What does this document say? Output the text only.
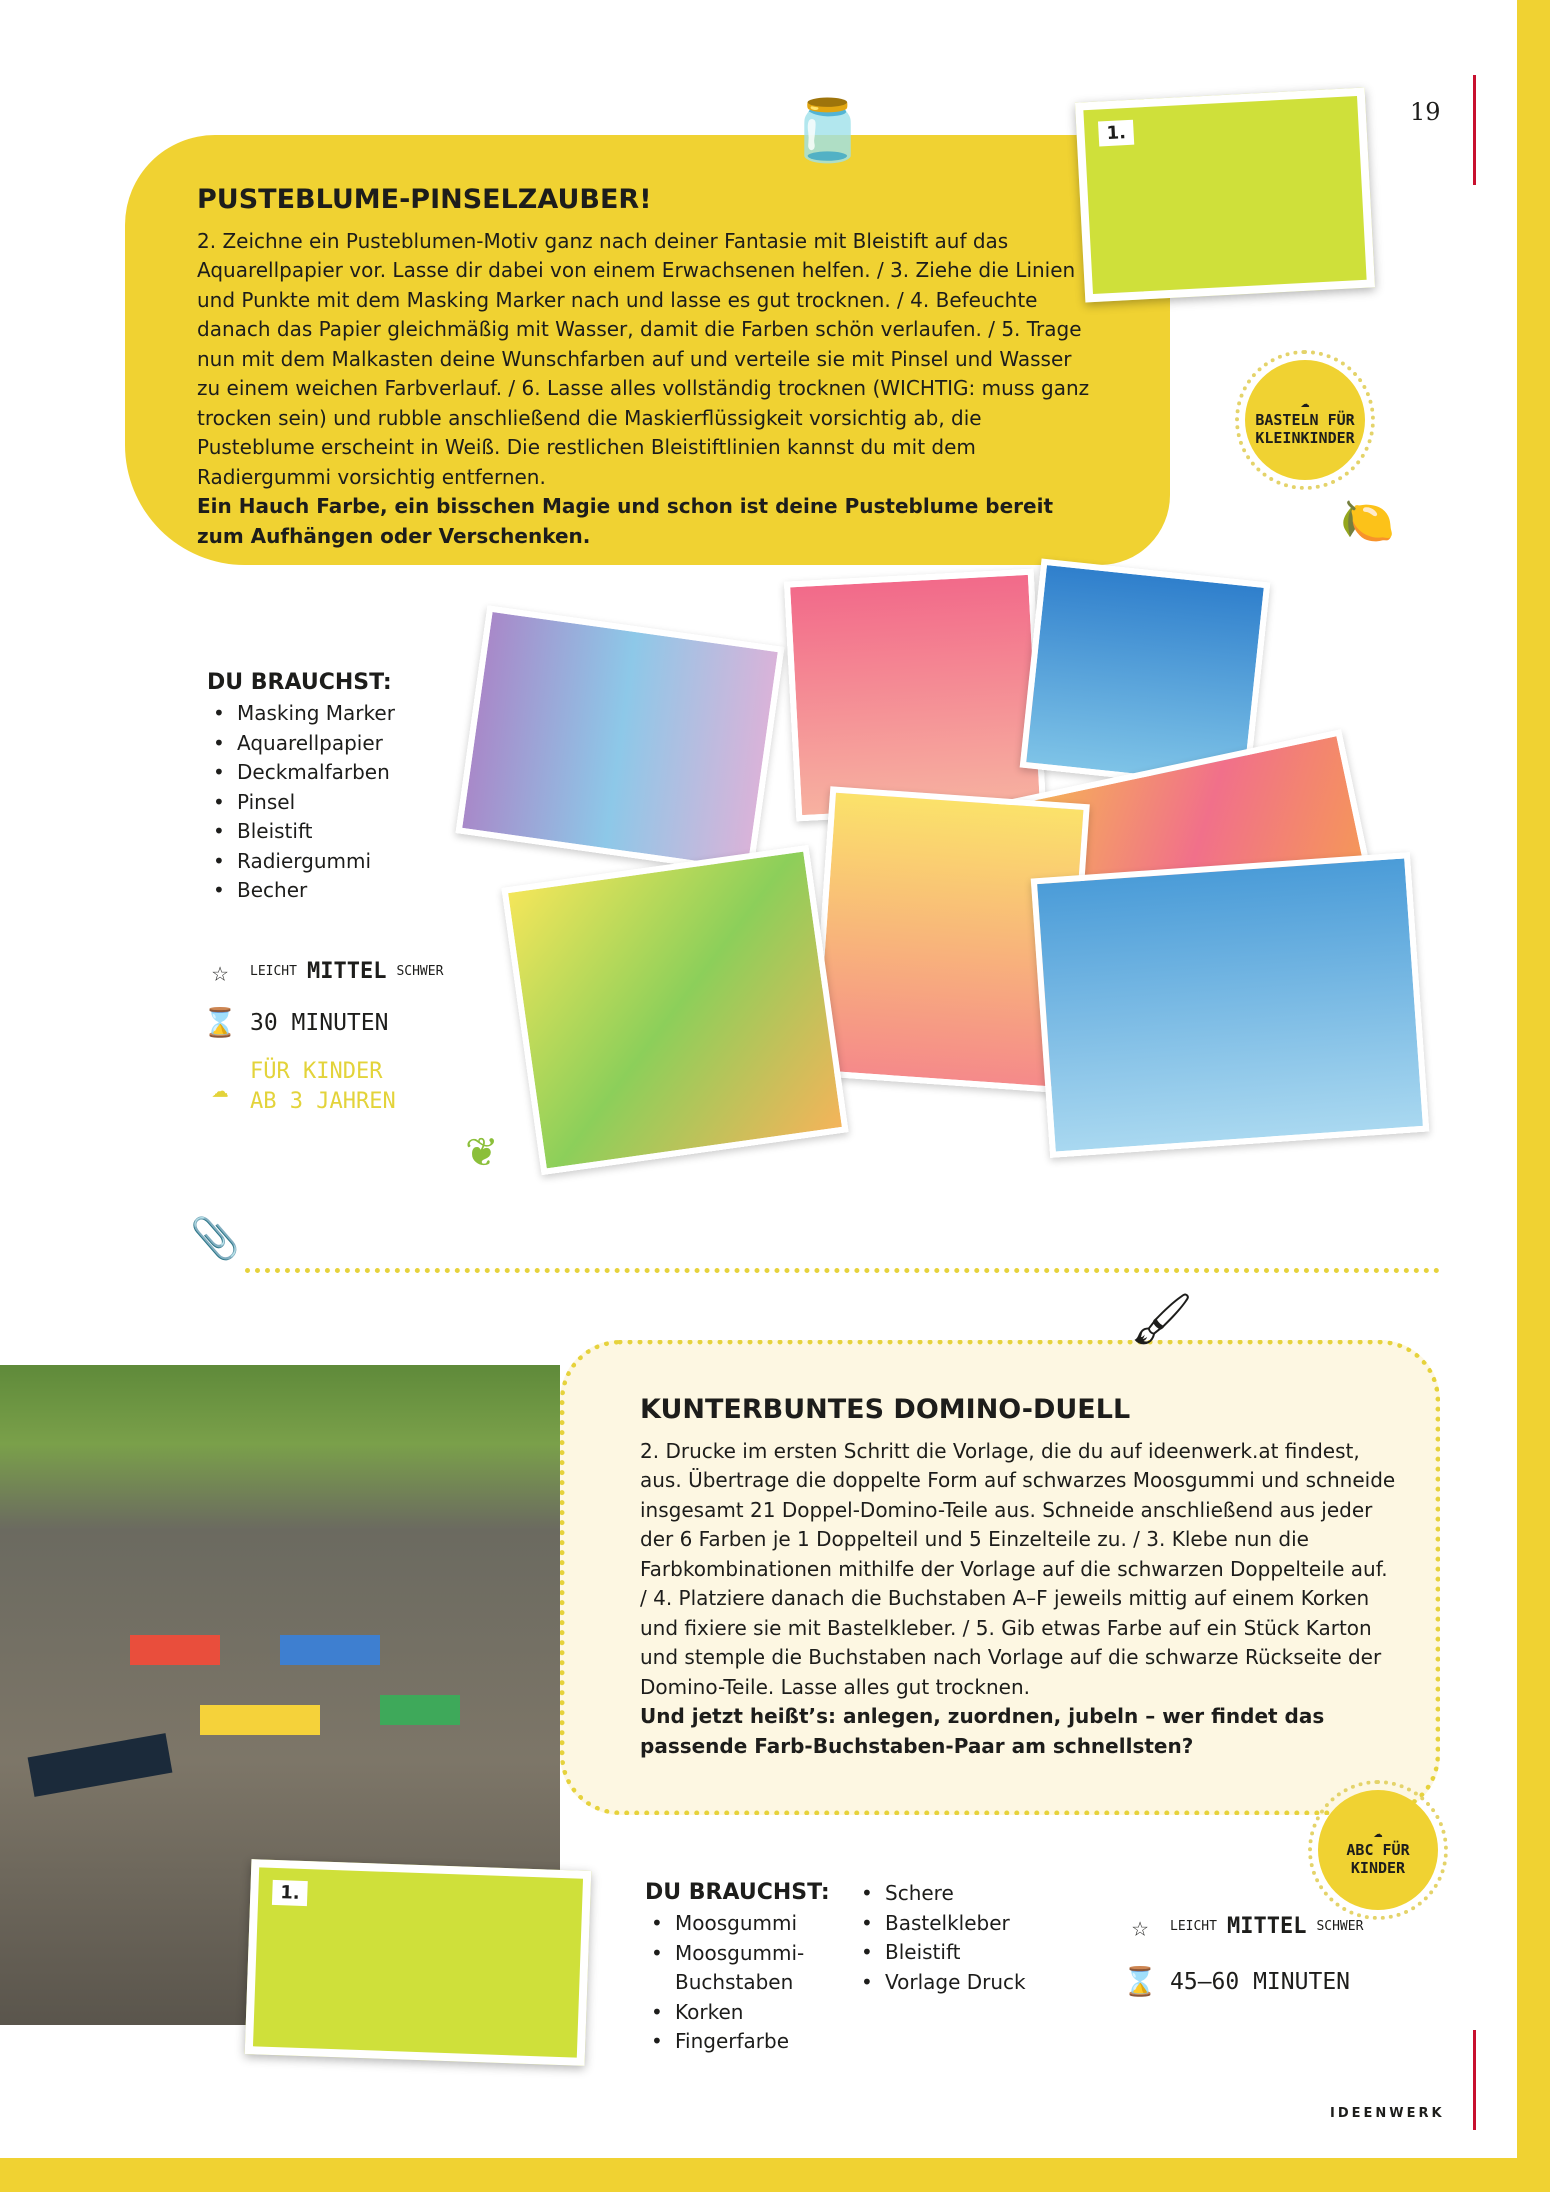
19
🫙
PUSTEBLUME-PINSELZAUBER!

2. Zeichne ein Pusteblumen-Motiv ganz nach deiner Fantasie mit Bleistift auf das Aquarellpapier vor. Lasse dir dabei von einem Erwachsenen helfen. / 3. Ziehe die Linien und Punkte mit dem Masking Marker nach und lasse es gut trocknen. / 4. Befeuchte danach das Papier gleichmäßig mit Wasser, damit die Farben schön verlaufen. / 5. Trage nun mit dem Malkasten deine Wunschfarben auf und verteile sie mit Pinsel und Wasser zu einem weichen Farbverlauf. / 6. Lasse alles vollständig trocknen (WICHTIG: muss ganz trocken sein) und rubble anschließend die Maskierflüssigkeit vorsichtig ab, die Pusteblume erscheint in Weiß. Die restlichen Bleistiftlinien kannst du mit dem Radiergummi vorsichtig entfernen.

Ein Hauch Farbe, ein bisschen Magie und schon ist deine Pusteblume bereit zum Aufhängen oder Verschenken.

1.
☁
BASTELN FÜR KLEINKINDER
🍋
DU BRAUCHST:
• Masking Marker
• Aquarellpapier
• Deckmalfarben
• Pinsel
• Bleistift
• Radiergummi
• Becher
☆	LEICHT MITTEL SCHWER
⌛ 30 MINUTEN
☁ FÜR KINDER
AB 3 JAHREN
❦
📎
🖌
KUNTERBUNTES DOMINO-DUELL

2. Drucke im ersten Schritt die Vorlage, die du auf ideenwerk.at findest, aus. Übertrage die doppelte Form auf schwarzes Moosgummi und schneide insgesamt 21 Doppel-Domino-Teile aus. Schneide anschließend aus jeder der 6 Farben je 1 Doppelteil und 5 Einzelteile zu. / 3. Klebe nun die Farbkombinationen mithilfe der Vorlage auf die schwarzen Doppelteile auf. / 4. Platziere danach die Buchstaben A–F jeweils mittig auf einem Korken und fixiere sie mit Bastelkleber. / 5. Gib etwas Farbe auf ein Stück Karton und stemple die Buchstaben nach Vorlage auf die schwarze Rückseite der Domino-Teile. Lasse alles gut trocknen.

Und jetzt heißt’s: anlegen, zuordnen, jubeln – wer findet das passende Farb-Buchstaben-Paar am schnellsten?

☁
ABC FÜR KINDER
1.	DU BRAUCHST:
• Moosgummi
• Moosgummi-Buchstaben
• Korken
• Fingerfarbe
• Schere
• Bastelkleber
• Bleistift
• Vorlage Druck
☆	LEICHT MITTEL SCHWER
⌛ 45–60 MINUTEN
IDEENWERK
